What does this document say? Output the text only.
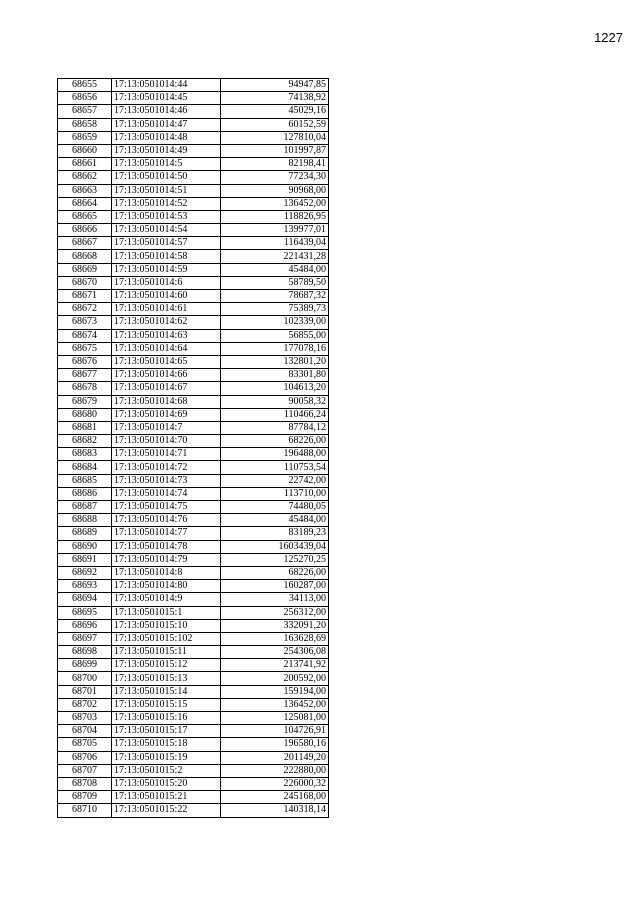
1227
68655	17:13:0501014:44	94947,85
68656	17:13:0501014:45	74138,92
68657	17:13:0501014:46	45029,16
68658	17:13:0501014:47	60152,59
68659	17:13:0501014:48	127810,04
68660	17:13:0501014:49	101997,87
68661	17:13:0501014:5	82198,41
68662	17:13:0501014:50	77234,30
68663	17:13:0501014:51	90968,00
68664	17:13:0501014:52	136452,00
68665	17:13:0501014:53	118826,95
68666	17:13:0501014:54	139977,01
68667	17:13:0501014:57	116439,04
68668	17:13:0501014:58	221431,28
68669	17:13:0501014:59	45484,00
68670	17:13:0501014:6	58789,50
68671	17:13:0501014:60	78687,32
68672	17:13:0501014:61	75389,73
68673	17:13:0501014:62	102339,00
68674	17:13:0501014:63	56855,00
68675	17:13:0501014:64	177078,16
68676	17:13:0501014:65	132801,20
68677	17:13:0501014:66	83301,80
68678	17:13:0501014:67	104613,20
68679	17:13:0501014:68	90058,32
68680	17:13:0501014:69	110466,24
68681	17:13:0501014:7	87784,12
68682	17:13:0501014:70	68226,00
68683	17:13:0501014:71	196488,00
68684	17:13:0501014:72	110753,54
68685	17:13:0501014:73	22742,00
68686	17:13:0501014:74	113710,00
68687	17:13:0501014:75	74480,05
68688	17:13:0501014:76	45484,00
68689	17:13:0501014:77	83189,23
68690	17:13:0501014:78	1603439,04
68691	17:13:0501014:79	125270,25
68692	17:13:0501014:8	68226,00
68693	17:13:0501014:80	160287,00
68694	17:13:0501014:9	34113,00
68695	17:13:0501015:1	256312,00
68696	17:13:0501015:10	332091,20
68697	17:13:0501015:102	163628,69
68698	17:13:0501015:11	254306,08
68699	17:13:0501015:12	213741,92
68700	17:13:0501015:13	200592,00
68701	17:13:0501015:14	159194,00
68702	17:13:0501015:15	136452,00
68703	17:13:0501015:16	125081,00
68704	17:13:0501015:17	104726,91
68705	17:13:0501015:18	196580,16
68706	17:13:0501015:19	201149,20
68707	17:13:0501015:2	222880,00
68708	17:13:0501015:20	226000,32
68709	17:13:0501015:21	245168,00
68710	17:13:0501015:22	140318,14
